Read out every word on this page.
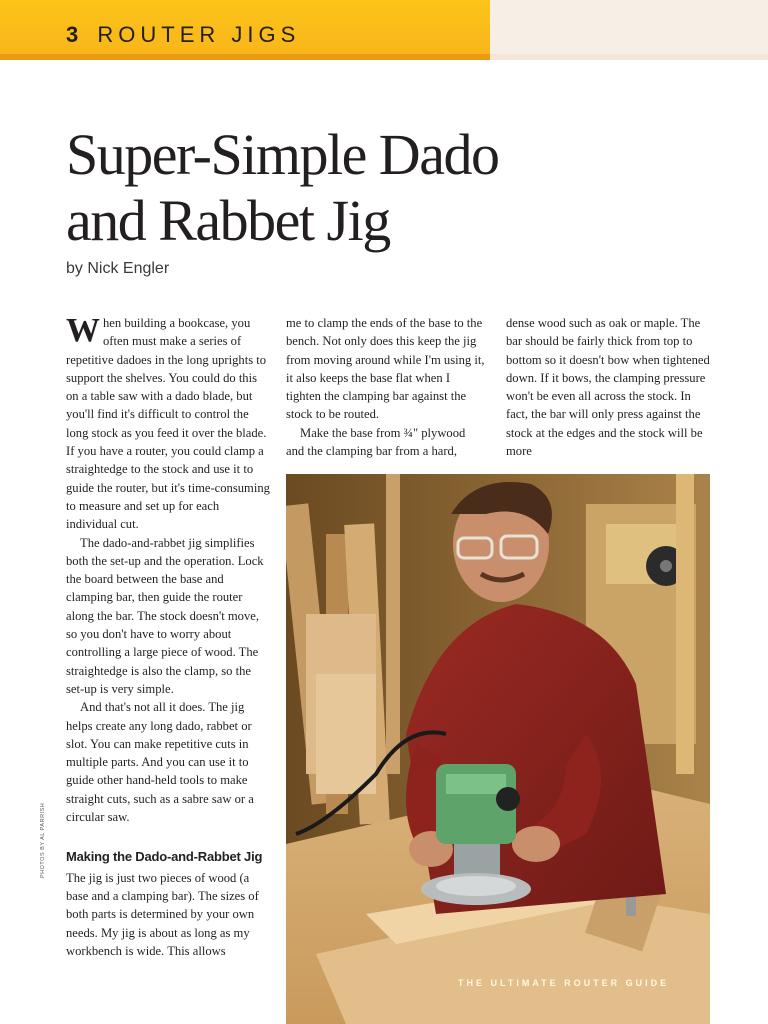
3 ROUTER JIGS
Super-Simple Dado
and Rabbet Jig
by Nick Engler

When building a bookcase, you often must make a series of repetitive dadoes in the long uprights to support the shelves. You could do this on a table saw with a dado blade, but you'll find it's difficult to control the long stock as you feed it over the blade. If you have a router, you could clamp a straightedge to the stock and use it to guide the router, but it's time-consuming to measure and set up for each individual cut.

The dado-and-rabbet jig simplifies both the set-up and the operation. Lock the board between the base and clamping bar, then guide the router along the bar. The stock doesn't move, so you don't have to worry about controlling a large piece of wood. The straightedge is also the clamp, so the set-up is very simple.

And that's not all it does. The jig helps create any long dado, rabbet or slot. You can make repetitive cuts in multiple parts. And you can use it to guide other hand-held tools to make straight cuts, such as a sabre saw or a circular saw.

Making the Dado-and-Rabbet Jig

The jig is just two pieces of wood (a base and a clamping bar). The sizes of both parts is determined by your own needs. My jig is about as long as my workbench is wide. This allows

me to clamp the ends of the base to the bench. Not only does this keep the jig from moving around while I'm using it, it also keeps the base flat when I tighten the clamping bar against the stock to be routed.

Make the base from ¾" plywood and the clamping bar from a hard,

dense wood such as oak or maple. The bar should be fairly thick from top to bottom so it doesn't bow when tightened down. If it bows, the clamping pressure won't be even all across the stock. In fact, the bar will only press against the stock at the edges and the stock will be more

PHOTOS BY AL PARRISH
THE ULTIMATE ROUTER GUIDE
